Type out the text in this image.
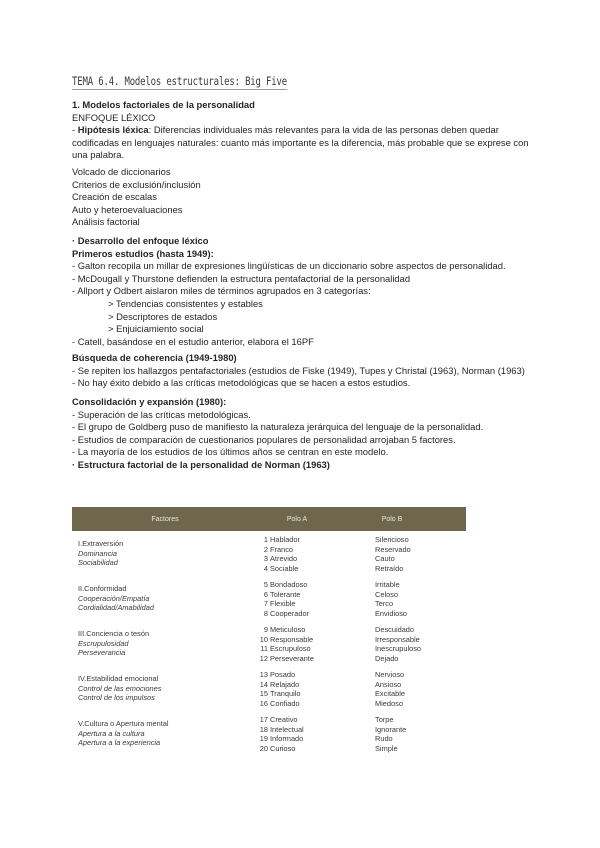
TEMA 6.4. Modelos estructurales: Big Five

1. Modelos factoriales de la personalidad

ENFOQUE LÉXICO

- Hipótesis léxica: Diferencias individuales más relevantes para la vida de las personas deben quedar codificadas en lenguajes naturales: cuanto más importante es la diferencia, más probable que se exprese con una palabra.

Volcado de diccionarios

Criterios de exclusión/inclusión

Creación de escalas

Auto y heteroevaluaciones

Análisis factorial

· Desarrollo del enfoque léxico

Primeros estudios (hasta 1949):

- Galton recopila un millar de expresiones lingüísticas de un diccionario sobre aspectos de personalidad.

- McDougall y Thurstone defienden la estructura pentafactorial de la personalidad

- Allport y Odbert aislaron miles de términos agrupados en 3 categorías:

> Tendencias consistentes y estables

> Descriptores de estados

> Enjuiciamiento social

- Catell, basándose en el estudio anterior, elabora el 16PF

Búsqueda de coherencia (1949-1980)

- Se repiten los hallazgos pentafactoriales (estudios de Fiske (1949), Tupes y Christal (1963), Norman (1963)

- No hay éxito debido a las críticas metodológicas que se hacen a estos estudios.

Consolidación y expansión (1980):

- Superación de las críticas metodológicas.

- El grupo de Goldberg puso de manifiesto la naturaleza jerárquica del lenguaje de la personalidad.

- Estudios de comparación de cuestionarios populares de personalidad arrojaban 5 factores.

- La mayoría de los estudios de los últimos años se centran en este modelo.

· Estructura factorial de la personalidad de Norman (1963)

Factores	Polo A	Polo B
I.Extraversión
Dominancia
Sociabilidad
1
2
3
4
Hablador
Franco
Atrevido
Sociable
Silencioso
Reservado
Cauto
Retraído
II.Conformidad
Cooperación/Empatía
Cordialidad/Amabilidad
5
6
7
8
Bondadoso
Tolerante
Flexible
Cooperador
Irritable
Celoso
Terco
Envidioso
III.Conciencia o tesón
Escrupulosidad
Perseverancia
9
10
11
12
Meticuloso
Responsable
Escrupuloso
Perseverante
Descuidado
Irresponsable
Inescrupuloso
Dejado
IV.Estabilidad emocional
Control de las emociones
Control de los impulsos
13
14
15
16
Posado
Relajado
Tranquilo
Confiado
Nervioso
Ansioso
Excitable
Miedoso
V.Cultura o Apertura mental
Apertura a la cultura
Apertura a la experiencia
17
18
19
20
Creativo
Intelectual
Informado
Curioso
Torpe
Ignorante
Rudo
Simple
